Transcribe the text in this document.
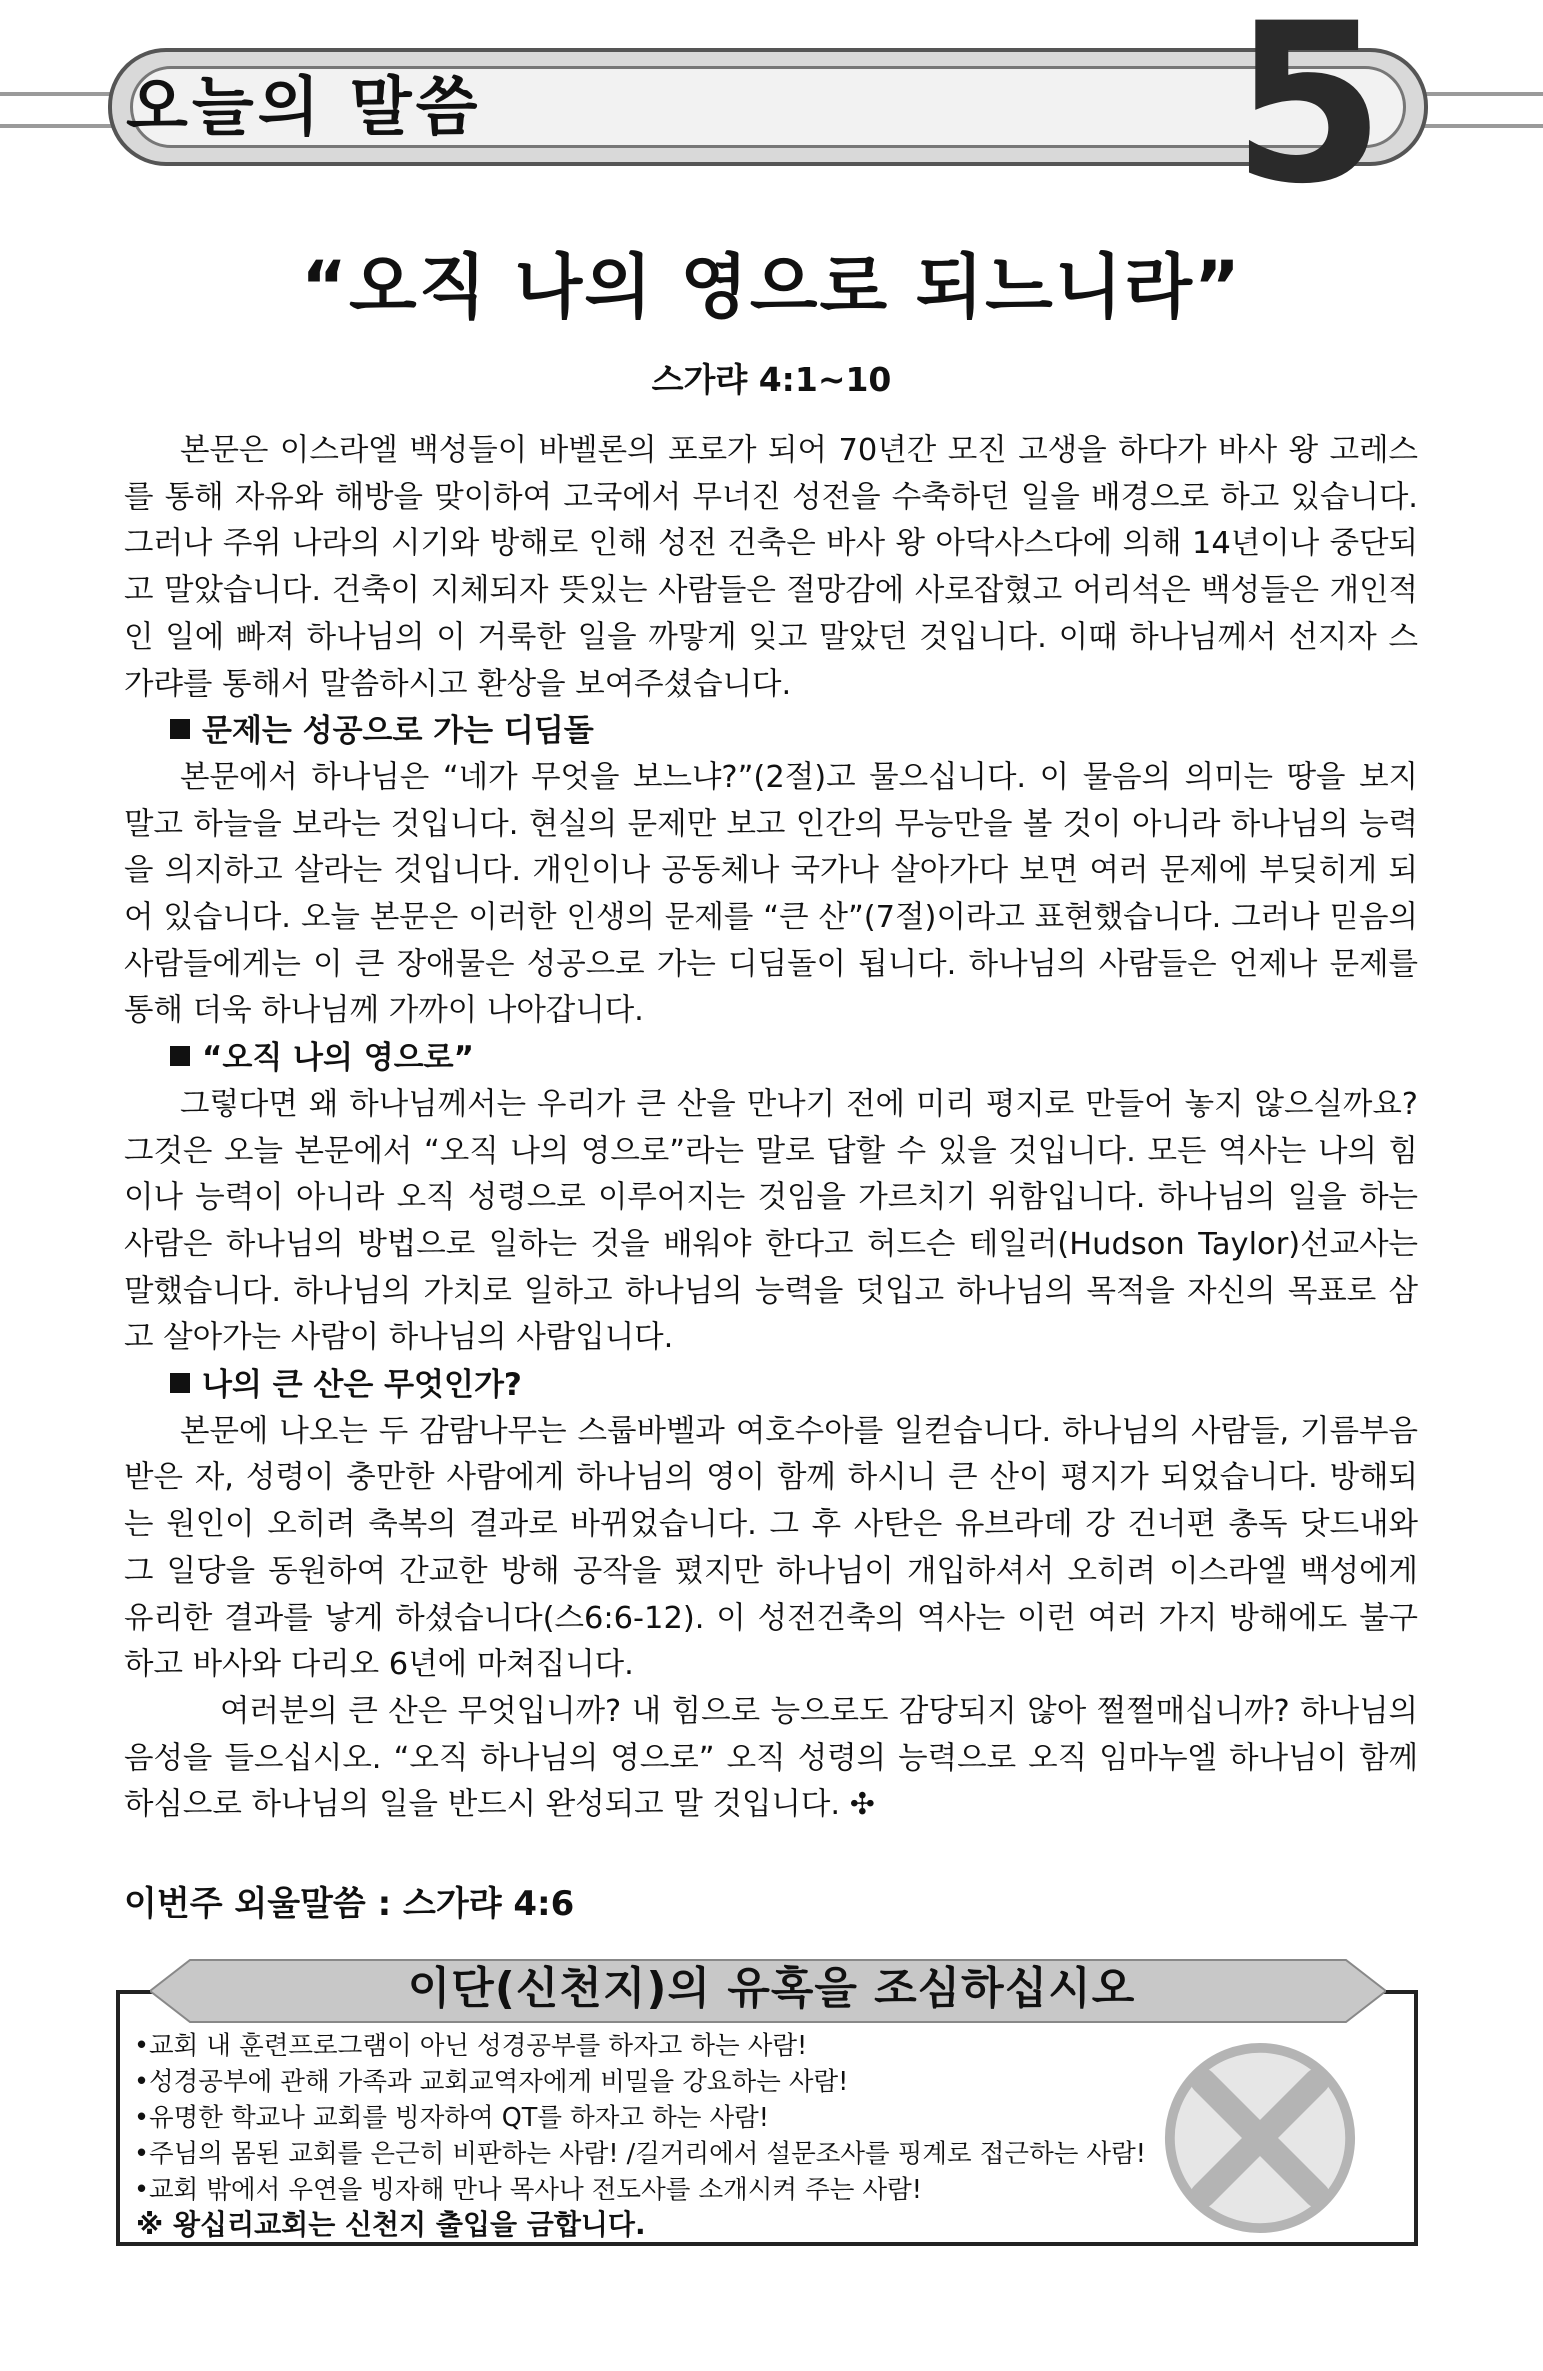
오늘의 말씀	5
“오직 나의 영으로 되느니라”
스가랴 4:1~10

본문은 이스라엘 백성들이 바벨론의 포로가 되어 70년간 모진 고생을 하다가 바사 왕 고레스를 통해 자유와 해방을 맞이하여 고국에서 무너진 성전을 수축하던 일을 배경으로 하고 있습니다. 그러나 주위 나라의 시기와 방해로 인해 성전 건축은 바사 왕 아닥사스다에 의해 14년이나 중단되고 말았습니다. 건축이 지체되자 뜻있는 사람들은 절망감에 사로잡혔고 어리석은 백성들은 개인적인 일에 빠져 하나님의 이 거룩한 일을 까맣게 잊고 말았던 것입니다. 이때 하나님께서 선지자 스가랴를 통해서 말씀하시고 환상을 보여주셨습니다.

문제는 성공으로 가는 디딤돌

본문에서 하나님은 “네가 무엇을 보느냐?”(2절)고 물으십니다. 이 물음의 의미는 땅을 보지 말고 하늘을 보라는 것입니다. 현실의 문제만 보고 인간의 무능만을 볼 것이 아니라 하나님의 능력을 의지하고 살라는 것입니다. 개인이나 공동체나 국가나 살아가다 보면 여러 문제에 부딪히게 되어 있습니다. 오늘 본문은 이러한 인생의 문제를 “큰 산”(7절)이라고 표현했습니다. 그러나 믿음의 사람들에게는 이 큰 장애물은 성공으로 가는 디딤돌이 됩니다. 하나님의 사람들은 언제나 문제를 통해 더욱 하나님께 가까이 나아갑니다.

“오직 나의 영으로”

그렇다면 왜 하나님께서는 우리가 큰 산을 만나기 전에 미리 평지로 만들어 놓지 않으실까요? 그것은 오늘 본문에서 “오직 나의 영으로”라는 말로 답할 수 있을 것입니다. 모든 역사는 나의 힘이나 능력이 아니라 오직 성령으로 이루어지는 것임을 가르치기 위함입니다. 하나님의 일을 하는 사람은 하나님의 방법으로 일하는 것을 배워야 한다고 허드슨 테일러(Hudson Taylor)선교사는 말했습니다. 하나님의 가치로 일하고 하나님의 능력을 덧입고 하나님의 목적을 자신의 목표로 삼고 살아가는 사람이 하나님의 사람입니다.

나의 큰 산은 무엇인가?

본문에 나오는 두 감람나무는 스룹바벨과 여호수아를 일컫습니다. 하나님의 사람들, 기름부음 받은 자, 성령이 충만한 사람에게 하나님의 영이 함께 하시니 큰 산이 평지가 되었습니다. 방해되는 원인이 오히려 축복의 결과로 바뀌었습니다. 그 후 사탄은 유브라데 강 건너편 총독 닷드내와 그 일당을 동원하여 간교한 방해 공작을 폈지만 하나님이 개입하셔서 오히려 이스라엘 백성에게 유리한 결과를 낳게 하셨습니다(스6:6-12). 이 성전건축의 역사는 이런 여러 가지 방해에도 불구하고 바사와 다리오 6년에 마쳐집니다.

여러분의 큰 산은 무엇입니까? 내 힘으로 능으로도 감당되지 않아 쩔쩔매십니까? 하나님의 음성을 들으십시오. “오직 하나님의 영으로” 오직 성령의 능력으로 오직 임마누엘 하나님이 함께 하심으로 하나님의 일을 반드시 완성되고 말 것입니다. ✣

이번주 외울말씀 : 스가랴 4:6
이단(신천지)의 유혹을 조심하십시오
•교회 내 훈련프로그램이 아닌 성경공부를 하자고 하는 사람!
•성경공부에 관해 가족과 교회교역자에게 비밀을 강요하는 사람!
•유명한 학교나 교회를 빙자하여 QT를 하자고 하는 사람!
•주님의 몸된 교회를 은근히 비판하는 사람! /길거리에서 설문조사를 핑계로 접근하는 사람!
•교회 밖에서 우연을 빙자해 만나 목사나 전도사를 소개시켜 주는 사람!
※ 왕십리교회는 신천지 출입을 금합니다.
